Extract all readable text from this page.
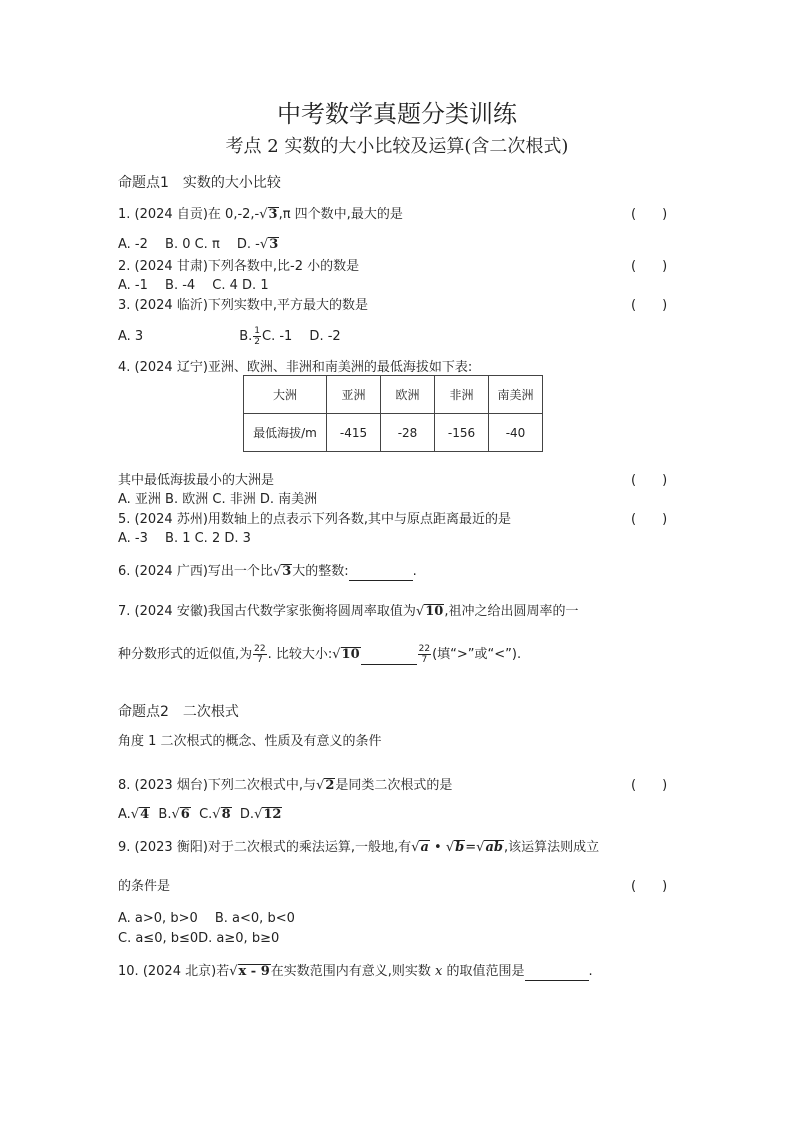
中考数学真题分类训练
考点 2 实数的大小比较及运算(含二次根式)
命题点1　实数的大小比较
1. (2024 自贡)在 0,-2,-√3,π 四个数中,最大的是	(　　)
A. -2　 B. 0 C. π　 D. -√3
2. (2024 甘肃)下列各数中,比-2 小的数是	(　　)
A. -1　 B. -4　 C. 4 D. 1
3. (2024 临沂)下列实数中,平方最大的数是	(　　)
A. 3	B. $\frac{1}{2} C$. -1　 D. -2
4. (2024 辽宁)亚洲、欧洲、非洲和南美洲的最低海拔如下表:
大洲	亚洲	欧洲	非洲	南美洲
最低海拔/m	-415	-28	-156	-40
其中最低海拔最小的大洲是	(　　)
A. 亚洲 B. 欧洲 C. 非洲 D. 南美洲
5. (2024 苏州)用数轴上的点表示下列各数,其中与原点距离最近的是	(　　)
A. -3　 B. 1 C. 2 D. 3
6. (2024 广西)写出一个比√3大的整数:	.
7. (2024 安徽)我国古代数学家张衡将圆周率取值为√10,祖冲之给出圆周率的一
种分数形式的近似值,为 $\frac{22}{7}$ . 比较大小:√10	$\frac{22}{7}$ (填“>”或“<”).
命题点2　二次根式
角度 1 二次根式的概念、性质及有意义的条件
8. (2023 烟台)下列二次根式中,与√2是同类二次根式的是	(　　)
A.√4 B.√6 C.√8 D.√12
9. (2023 衡阳)对于二次根式的乘法运算,一般地,有√a • √b=√ab,该运算法则成立
的条件是	(　　)
A. a>0, b>0　 B. a<0, b<0
C. a≤0, b≤0D. a≥0, b≥0
10. (2024 北京)若√x - 9在实数范围内有意义,则实数 x 的取值范围是	.
